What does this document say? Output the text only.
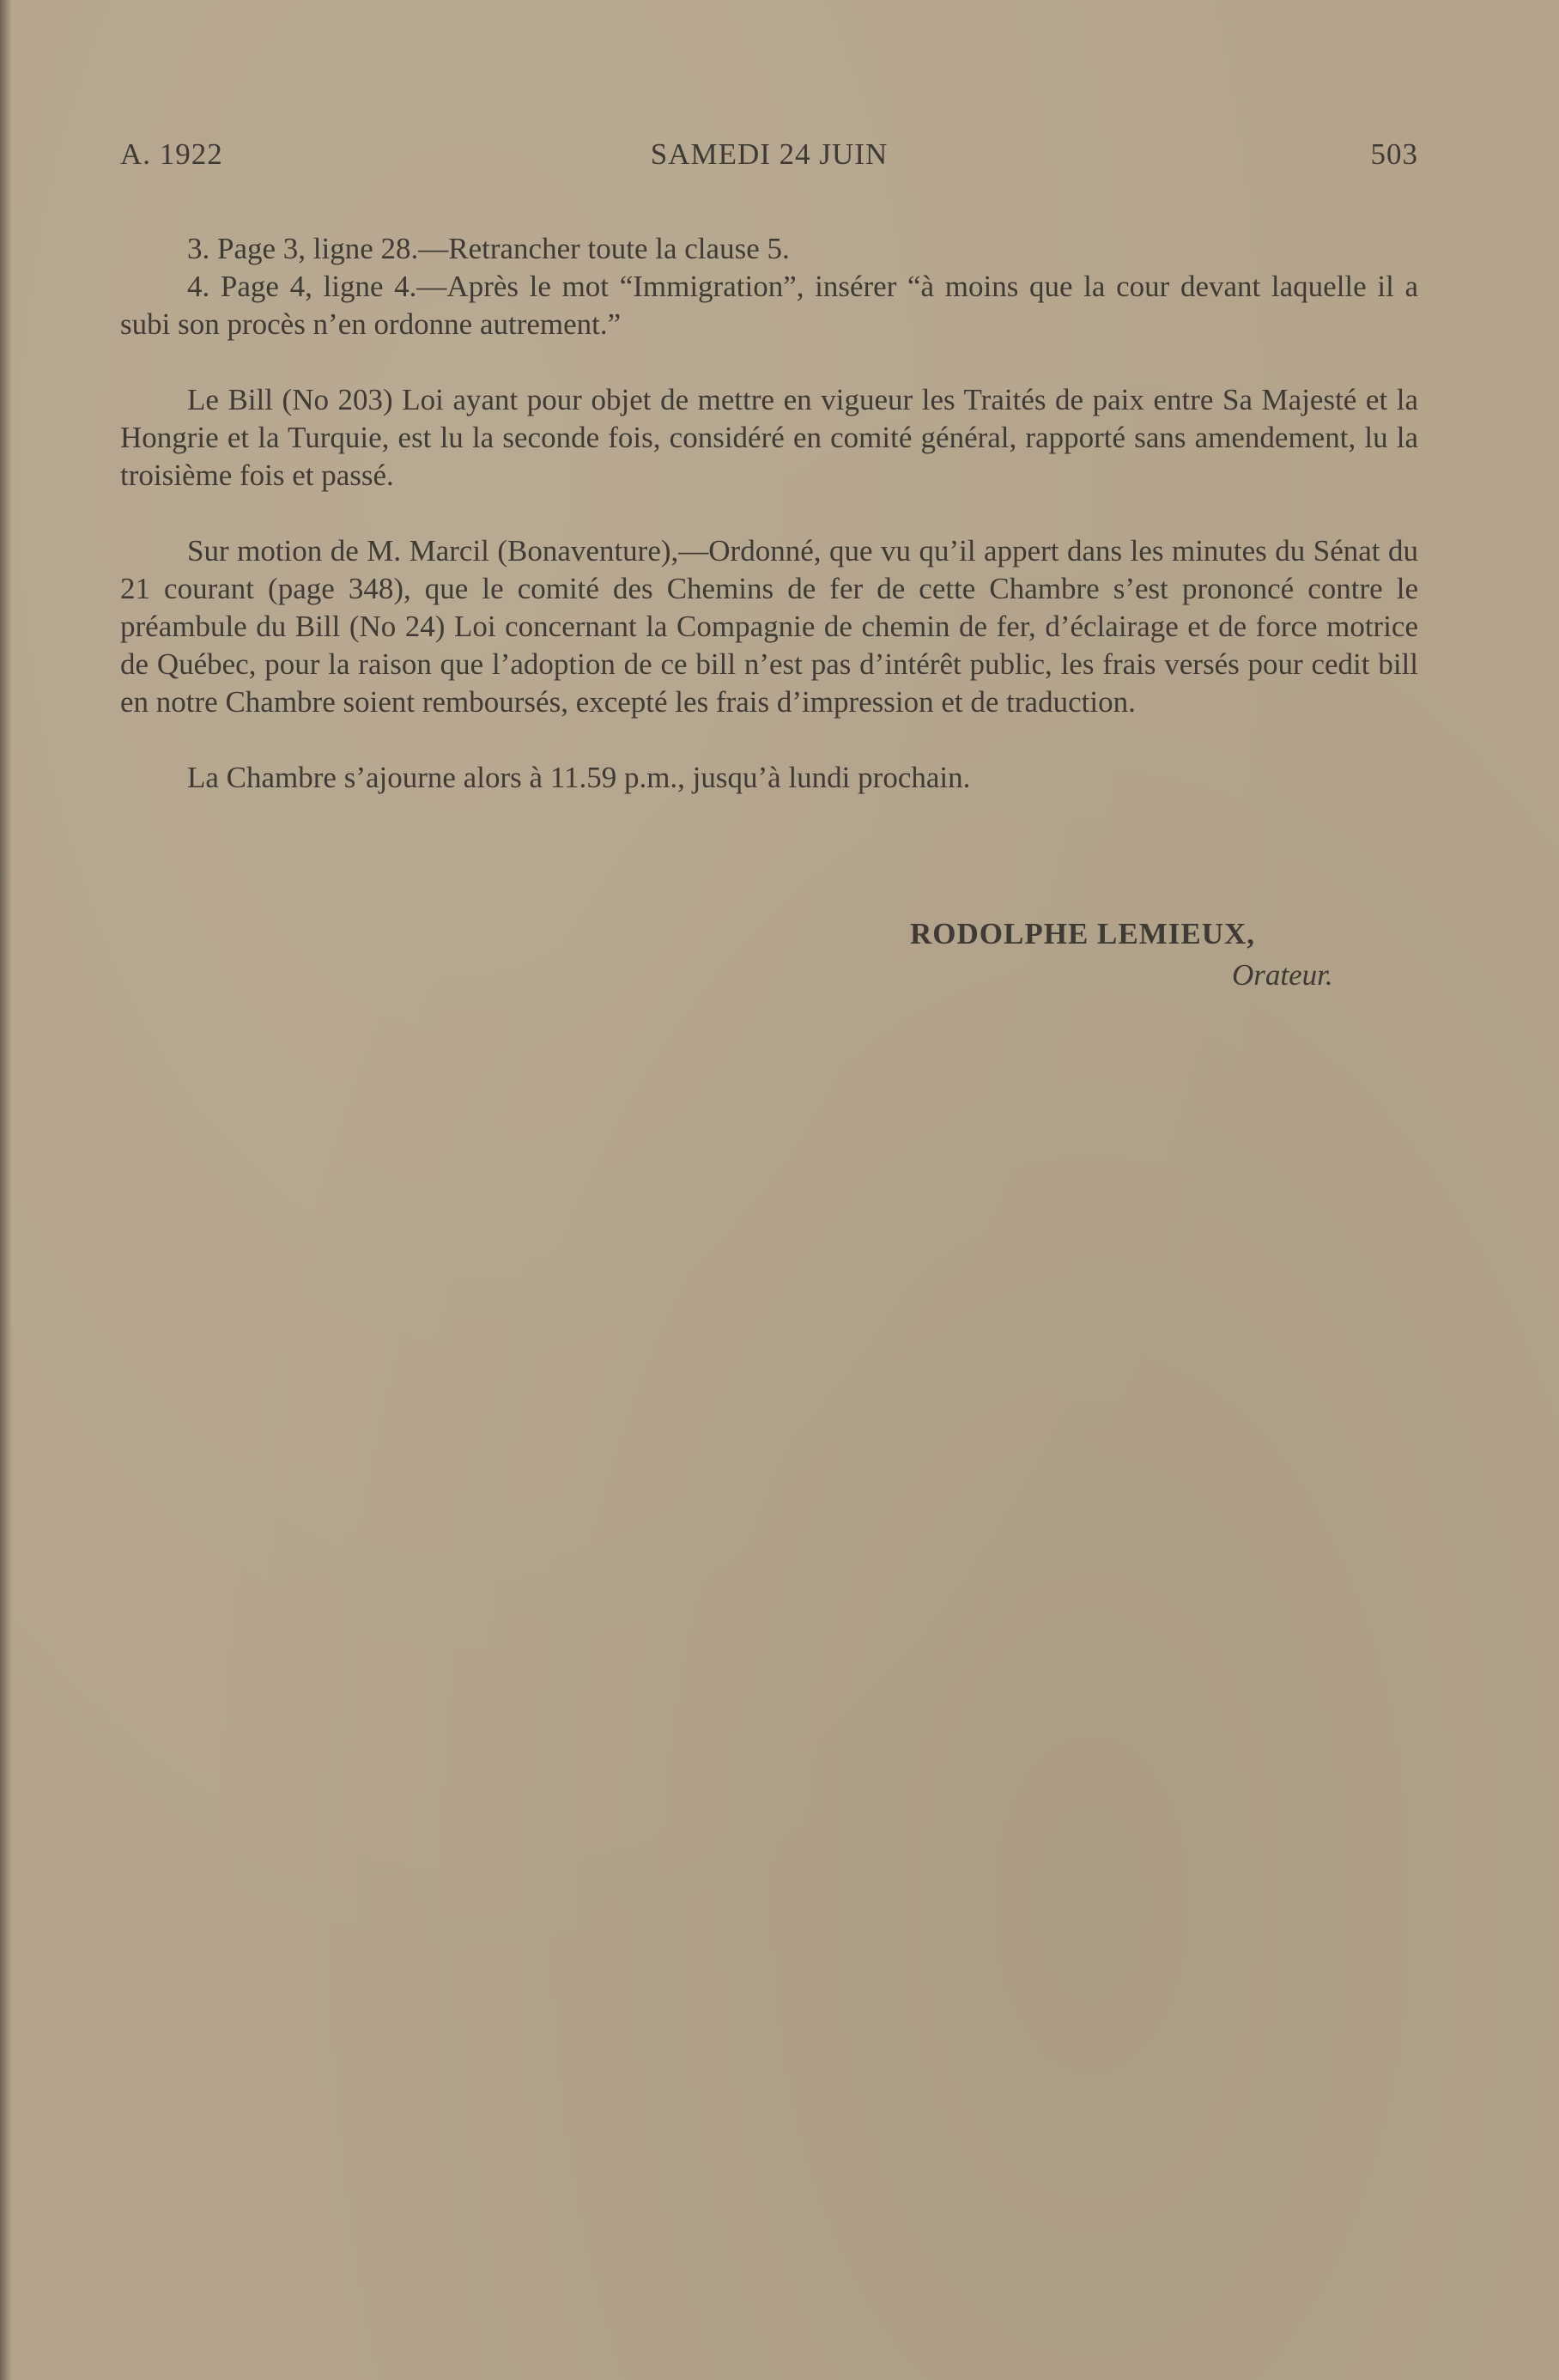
A. 1922	SAMEDI 24 JUIN	503

3. Page 3, ligne 28.—Retrancher toute la clause 5.

4. Page 4, ligne 4.—Après le mot “Immigration”, insérer “à moins que la cour devant laquelle il a subi son procès n’en ordonne autrement.”

Le Bill (No 203) Loi ayant pour objet de mettre en vigueur les Traités de paix entre Sa Majesté et la Hongrie et la Turquie, est lu la seconde fois, considéré en comité général, rapporté sans amendement, lu la troisième fois et passé.

Sur motion de M. Marcil (Bonaventure),—Ordonné, que vu qu’il appert dans les minutes du Sénat du 21 courant (page 348), que le comité des Chemins de fer de cette Chambre s’est prononcé contre le préambule du Bill (No 24) Loi concernant la Compagnie de chemin de fer, d’éclairage et de force motrice de Québec, pour la raison que l’adoption de ce bill n’est pas d’intérêt public, les frais versés pour cedit bill en notre Chambre soient remboursés, excepté les frais d’impression et de traduction.

La Chambre s’ajourne alors à 11.59 p.m., jusqu’à lundi prochain.

RODOLPHE LEMIEUX,
Orateur.
